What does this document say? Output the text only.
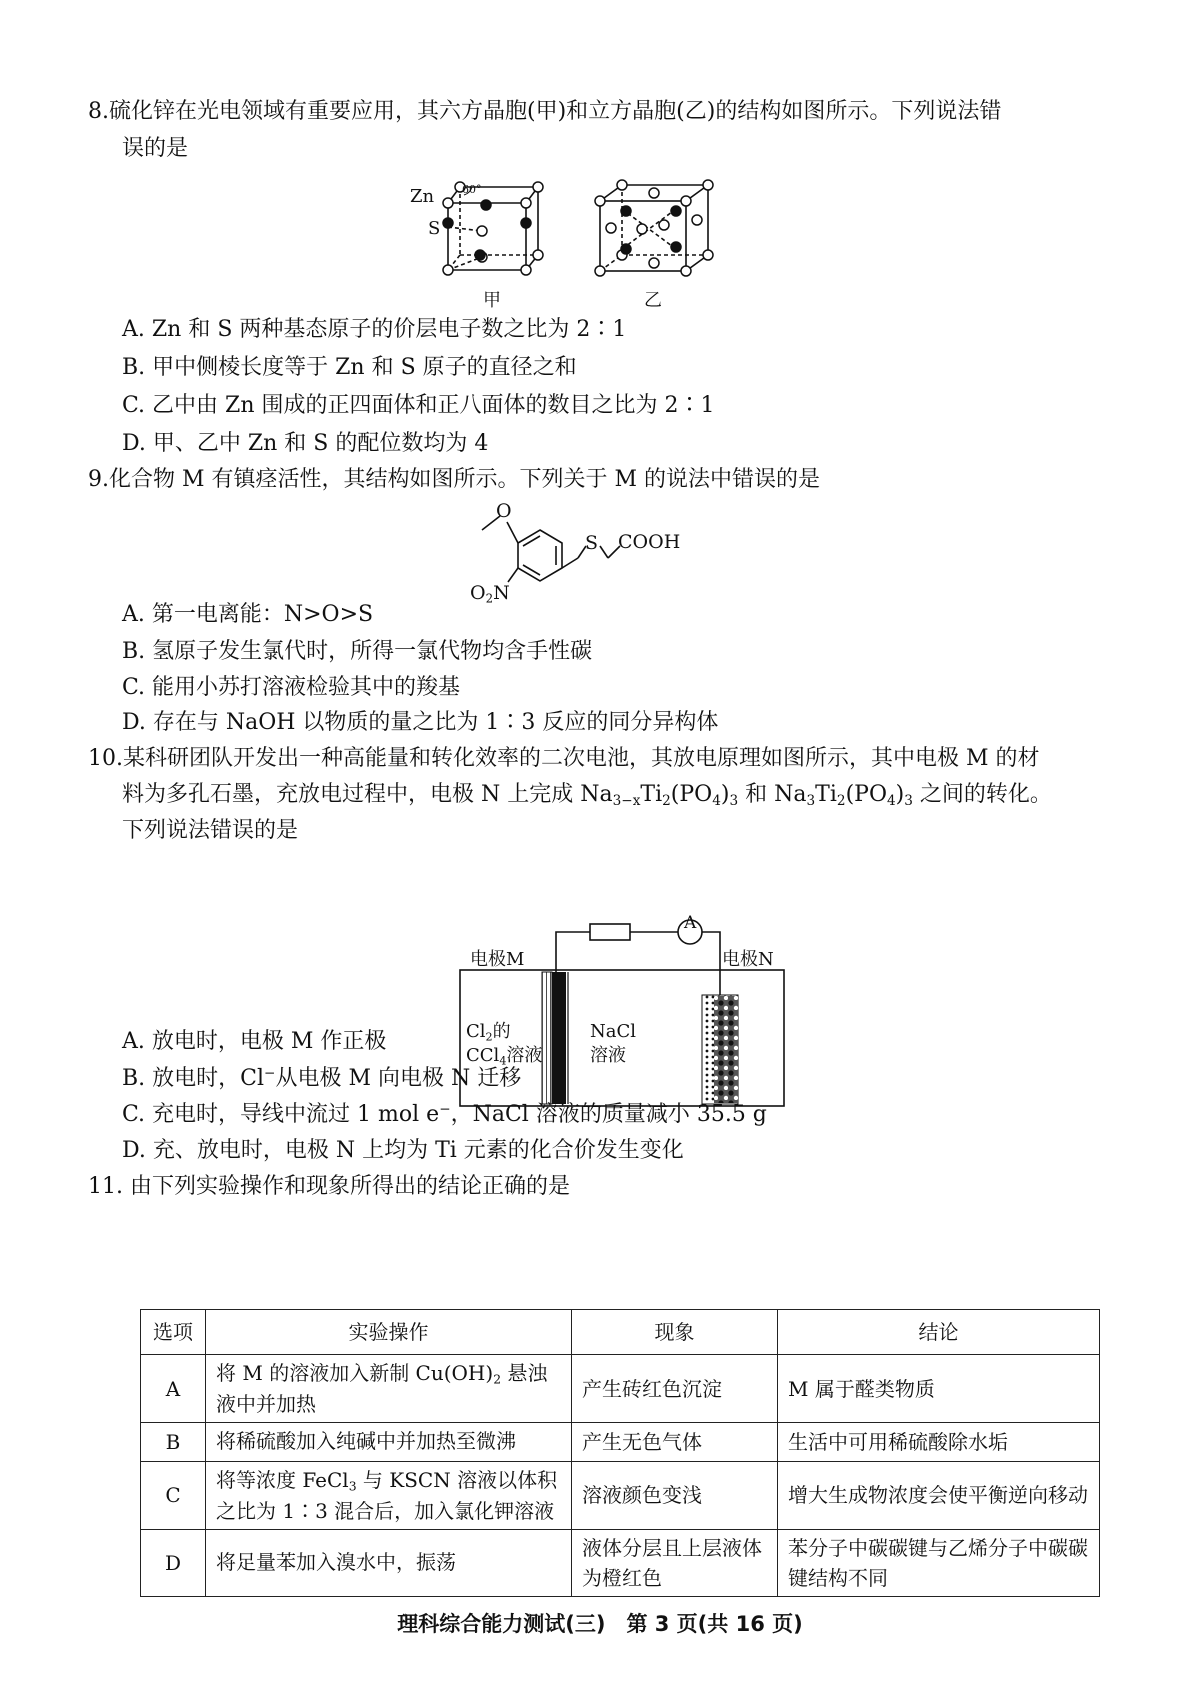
8.硫化锌在光电领域有重要应用，其六方晶胞(甲)和立方晶胞(乙)的结构如图所示。下列说法错
误的是
Zn	60°
S
甲	乙
A. Zn 和 S 两种基态原子的价层电子数之比为 2∶1
B. 甲中侧棱长度等于 Zn 和 S 原子的直径之和
C. 乙中由 Zn 围成的正四面体和正八面体的数目之比为 2∶1
D. 甲、乙中 Zn 和 S 的配位数均为 4
9.化合物 M 有镇痉活性，其结构如图所示。下列关于 M 的说法中错误的是
O
S COOH
$O_2N$
A. 第一电离能：N>O>S
B. 氢原子发生氯代时，所得一氯代物均含手性碳
C. 能用小苏打溶液检验其中的羧基
D. 存在与 NaOH 以物质的量之比为 1∶3 反应的同分异构体
10.某科研团队开发出一种高能量和转化效率的二次电池，其放电原理如图所示，其中电极 M 的材
料为多孔石墨，充放电过程中，电极 N 上完成 $Na_{3-x}Ti_2(PO_4)_3$ 和 $Na_3Ti_2(PO_4)_3$ 之间的转化。
下列说法错误的是
A
电极M	电极N
$Cl_2$的
CCl$_4$溶液
NaCl
溶液
A. 放电时，电极 M 作正极
B. 放电时，Cl−从电极 M 向电极 N 迁移
C. 充电时，导线中流过 1 mol e−，NaCl 溶液的质量减小 35.5 g
D. 充、放电时，电极 N 上均为 Ti 元素的化合价发生变化
11. 由下列实验操作和现象所得出的结论正确的是
选项	实验操作	现象	结论
A	将 M 的溶液加入新制 $Cu(OH)_2$ 悬浊液中并加热	产生砖红色沉淀	M 属于醛类物质
B	将稀硫酸加入纯碱中并加热至微沸	产生无色气体	生活中可用稀硫酸除水垢
C	将等浓度 FeCl$_3$ 与 KSCN 溶液以体积之比为 1∶3 混合后，加入氯化钾溶液	溶液颜色变浅	增大生成物浓度会使平衡逆向移动
D	将足量苯加入溴水中，振荡	液体分层且上层液体为橙红色	苯分子中碳碳键与乙烯分子中碳碳键结构不同
理科综合能力测试(三)　第 3 页(共 16 页)
